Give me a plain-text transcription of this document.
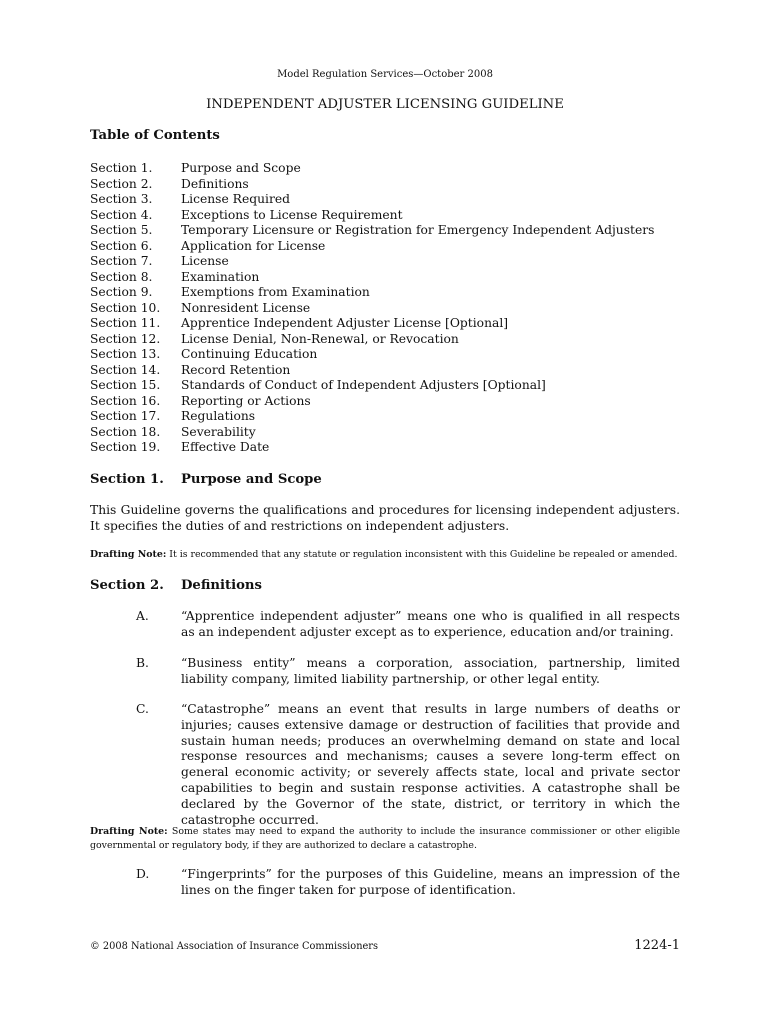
Model Regulation Services—October 2008
INDEPENDENT ADJUSTER LICENSING GUIDELINE
Table of Contents
Section 1. Purpose and Scope
Section 2. Definitions
Section 3. License Required
Section 4. Exceptions to License Requirement
Section 5. Temporary Licensure or Registration for Emergency Independent Adjusters
Section 6. Application for License
Section 7. License
Section 8. Examination
Section 9. Exemptions from Examination
Section 10. Nonresident License
Section 11. Apprentice Independent Adjuster License [Optional]
Section 12. License Denial, Non-Renewal, or Revocation
Section 13. Continuing Education
Section 14. Record Retention
Section 15. Standards of Conduct of Independent Adjusters [Optional]
Section 16. Reporting or Actions
Section 17. Regulations
Section 18. Severability
Section 19. Effective Date
Section 1. Purpose and Scope
This Guideline governs the qualifications and procedures for licensing independent adjusters. It specifies the duties of and restrictions on independent adjusters.
Drafting Note: It is recommended that any statute or regulation inconsistent with this Guideline be repealed or amended.
Section 2. Definitions
A.	“Apprentice independent adjuster” means one who is qualified in all respects as an independent adjuster except as to experience, education and/or training.
B.	“Business entity” means a corporation, association, partnership, limited liability company, limited liability partnership, or other legal entity.
C.	“Catastrophe” means an event that results in large numbers of deaths or injuries; causes extensive damage or destruction of facilities that provide and sustain human needs; produces an overwhelming demand on state and local response resources and mechanisms; causes a severe long-term effect on general economic activity; or severely affects state, local and private sector capabilities to begin and sustain response activities. A catastrophe shall be declared by the Governor of the state, district, or territory in which the catastrophe occurred.
Drafting Note: Some states may need to expand the authority to include the insurance commissioner or other eligible governmental or regulatory body, if they are authorized to declare a catastrophe.
D.	“Fingerprints” for the purposes of this Guideline, means an impression of the lines on the finger taken for purpose of identification.
© 2008 National Association of Insurance Commissioners	1224-1
